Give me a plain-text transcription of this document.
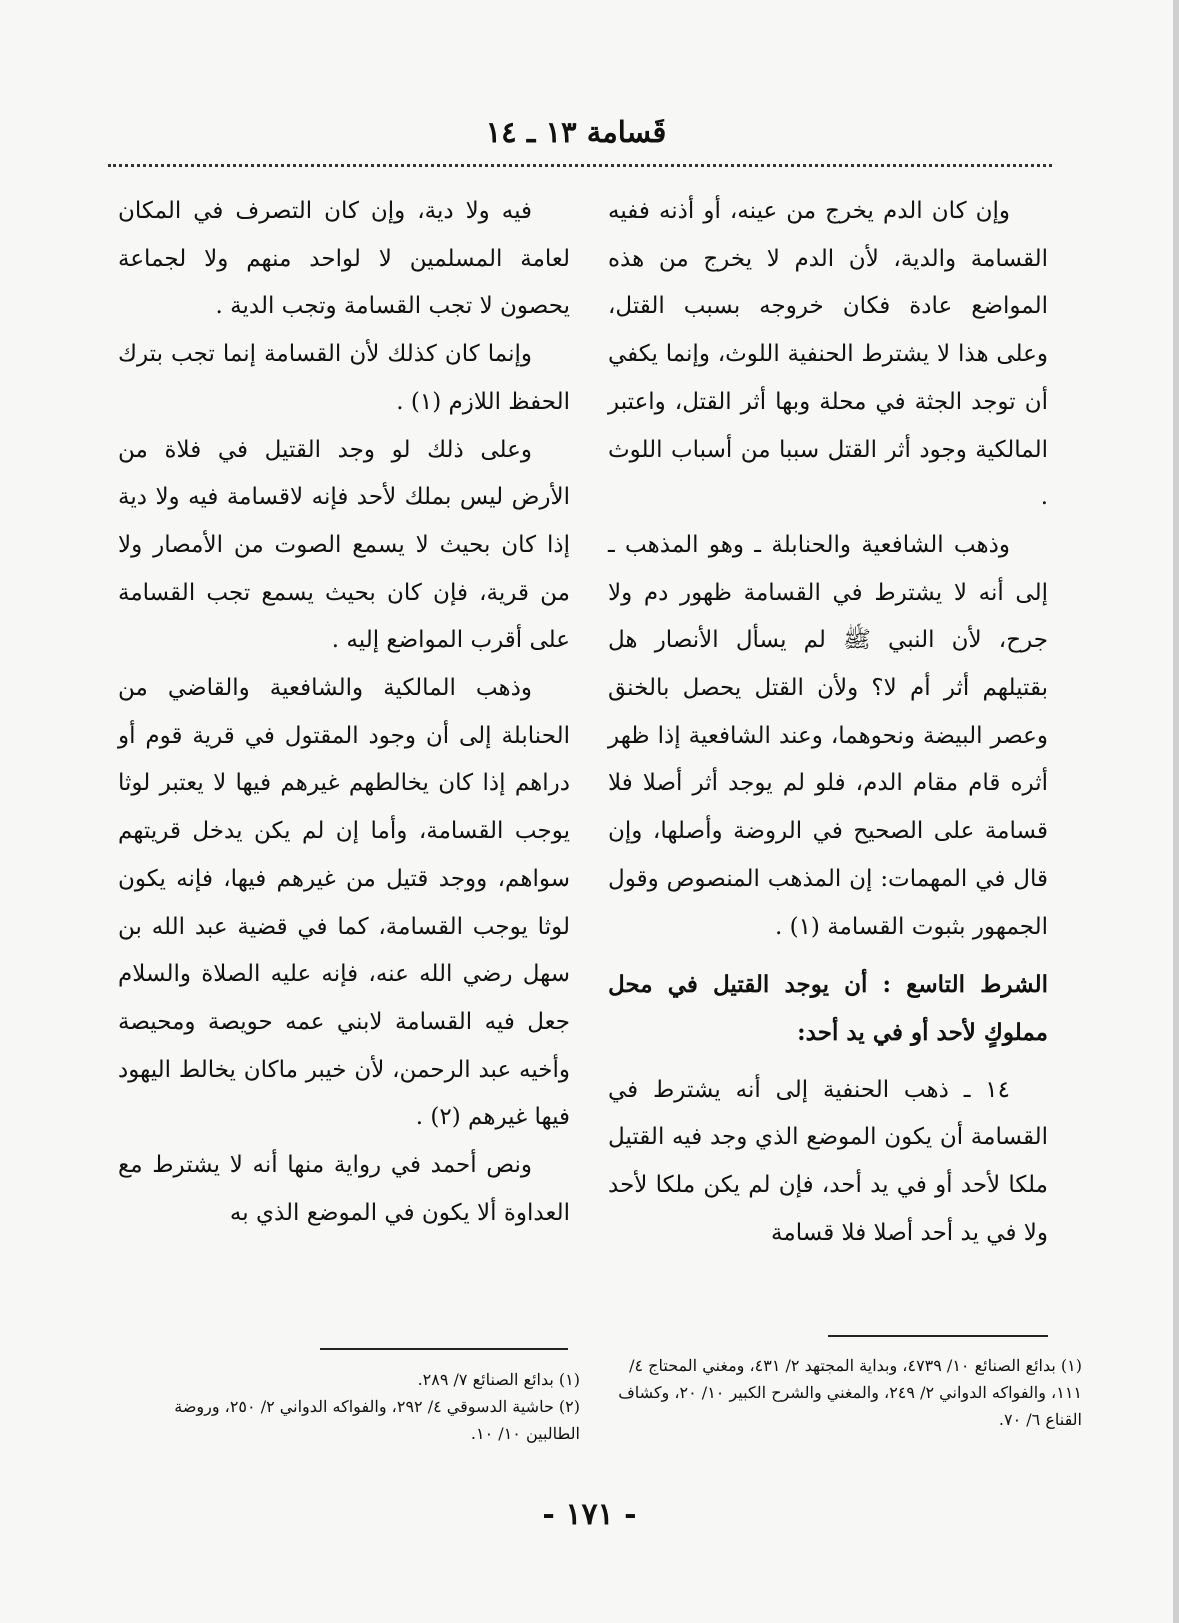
قَسامة ١٣ ـ ١٤

وإن كان الدم يخرج من عينه، أو أذنه ففيه القسامة والدية، لأن الدم لا يخرج من هذه المواضع عادة فكان خروجه بسبب القتل، وعلى هذا لا يشترط الحنفية اللوث، وإنما يكفي أن توجد الجثة في محلة وبها أثر القتل، واعتبر المالكية وجود أثر القتل سببا من أسباب اللوث .

وذهب الشافعية والحنابلة ـ وهو المذهب ـ إلى أنه لا يشترط في القسامة ظهور دم ولا جرح، لأن النبي ﷺ لم يسأل الأنصار هل بقتيلهم أثر أم لا؟ ولأن القتل يحصل بالخنق وعصر البيضة ونحوهما، وعند الشافعية إذا ظهر أثره قام مقام الدم، فلو لم يوجد أثر أصلا فلا قسامة على الصحيح في الروضة وأصلها، وإن قال في المهمات: إن المذهب المنصوص وقول الجمهور بثبوت القسامة (١) .

الشرط التاسع : أن يوجد القتيل في محل مملوكٍ لأحد أو في يد أحد:

١٤ ـ ذهب الحنفية إلى أنه يشترط في القسامة أن يكون الموضع الذي وجد فيه القتيل ملكا لأحد أو في يد أحد، فإن لم يكن ملكا لأحد ولا في يد أحد أصلا فلا قسامة

فيه ولا دية، وإن كان التصرف في المكان لعامة المسلمين لا لواحد منهم ولا لجماعة يحصون لا تجب القسامة وتجب الدية .

وإنما كان كذلك لأن القسامة إنما تجب بترك الحفظ اللازم (١) .

وعلى ذلك لو وجد القتيل في فلاة من الأرض ليس بملك لأحد فإنه لاقسامة فيه ولا دية إذا كان بحيث لا يسمع الصوت من الأمصار ولا من قرية، فإن كان بحيث يسمع تجب القسامة على أقرب المواضع إليه .

وذهب المالكية والشافعية والقاضي من الحنابلة إلى أن وجود المقتول في قرية قوم أو دراهم إذا كان يخالطهم غيرهم فيها لا يعتبر لوثا يوجب القسامة، وأما إن لم يكن يدخل قريتهم سواهم، ووجد قتيل من غيرهم فيها، فإنه يكون لوثا يوجب القسامة، كما في قضية عبد الله بن سهل رضي الله عنه، فإنه عليه الصلاة والسلام جعل فيه القسامة لابني عمه حويصة ومحيصة وأخيه عبد الرحمن، لأن خيبر ماكان يخالط اليهود فيها غيرهم (٢) .

ونص أحمد في رواية منها أنه لا يشترط مع العداوة ألا يكون في الموضع الذي به

(١) بدائع الصنائع ١٠/ ٤٧٣٩، وبداية المجتهد ٢/ ٤٣١، ومغني المحتاج ٤/ ١١١، والفواكه الدواني ٢/ ٢٤٩، والمغني والشرح الكبير ١٠/ ٢٠، وكشاف القناع ٦/ ٧٠.

(١) بدائع الصنائع ٧/ ٢٨٩.

(٢) حاشية الدسوقي ٤/ ٢٩٢، والفواكه الدواني ٢/ ٢٥٠، وروضة الطالبين ١٠/ ١٠.

- ١٧١ -
